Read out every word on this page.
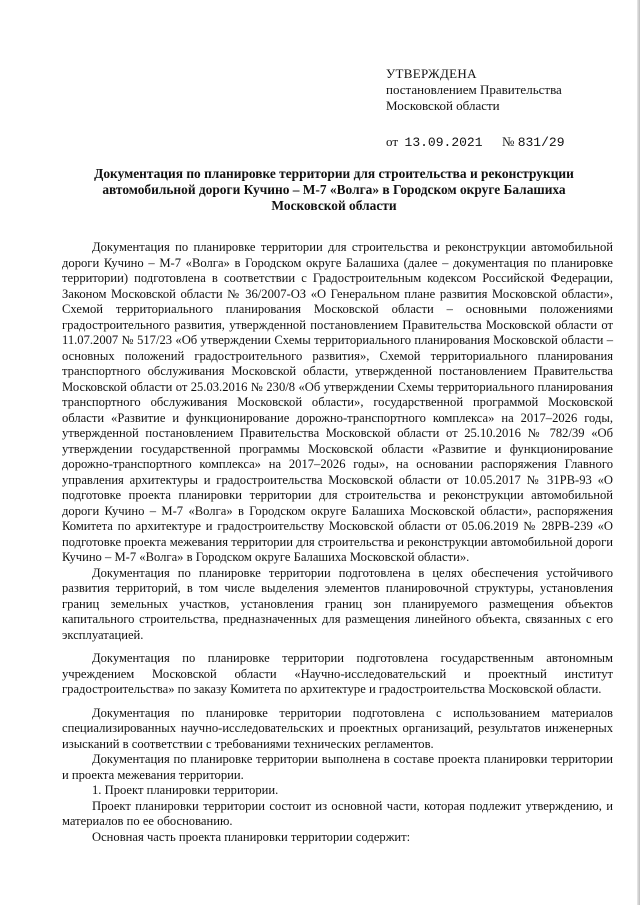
УТВЕРЖДЕНА
постановлением Правительства
Московской области
от 13.09.2021 № 831/29
Документация по планировке территории для строительства и реконструкции
автомобильной дороги Кучино – М-7 «Волга» в Городском округе Балашиха
Московской области

Документация по планировке территории для строительства и реконструкции автомобильной дороги Кучино – М-7 «Волга» в Городском округе Балашиха (далее – документация по планировке территории) подготовлена в соответствии с Градостроительным кодексом Российской Федерации, Законом Московской области № 36/2007-ОЗ «О Генеральном плане развития Московской области», Схемой территориального планирования Московской области – основными положениями градостроительного развития, утвержденной постановлением Правительства Московской области от 11.07.2007 № 517/23 «Об утверждении Схемы территориального планирования Московской области – основных положений градостроительного развития», Схемой территориального планирования транспортного обслуживания Московской области, утвержденной постановлением Правительства Московской области от 25.03.2016 № 230/8 «Об утверждении Схемы территориального планирования транспортного обслуживания Московской области», государственной программой Московской области «Развитие и функционирование дорожно-транспортного комплекса» на 2017–2026 годы, утвержденной постановлением Правительства Московской области от 25.10.2016 № 782/39 «Об утверждении государственной программы Московской области «Развитие и функционирование дорожно-транспортного комплекса» на 2017–2026 годы», на основании распоряжения Главного управления архитектуры и градостроительства Московской области от 10.05.2017 № 31РВ-93 «О подготовке проекта планировки территории для строительства и реконструкции автомобильной дороги Кучино – М-7 «Волга» в Городском округе Балашиха Московской области», распоряжения Комитета по архитектуре и градостроительству Московской области от 05.06.2019 № 28РВ-239 «О подготовке проекта межевания территории для строительства и реконструкции автомобильной дороги Кучино – М-7 «Волга» в Городском округе Балашиха Московской области».

Документация по планировке территории подготовлена в целях обеспечения устойчивого развития территорий, в том числе выделения элементов планировочной структуры, установления границ земельных участков, установления границ зон планируемого размещения объектов капитального строительства, предназначенных для размещения линейного объекта, связанных с его эксплуатацией.

Документация по планировке территории подготовлена государственным автономным учреждением Московской области «Научно-исследовательский и проектный институт градостроительства» по заказу Комитета по архитектуре и градостроительства Московской области.

Документация по планировке территории подготовлена с использованием материалов специализированных научно-исследовательских и проектных организаций, результатов инженерных изысканий в соответствии с требованиями технических регламентов.

Документация по планировке территории выполнена в составе проекта планировки территории и проекта межевания территории.

1. Проект планировки территории.

Проект планировки территории состоит из основной части, которая подлежит утверждению, и материалов по ее обоснованию.

Основная часть проекта планировки территории содержит:
